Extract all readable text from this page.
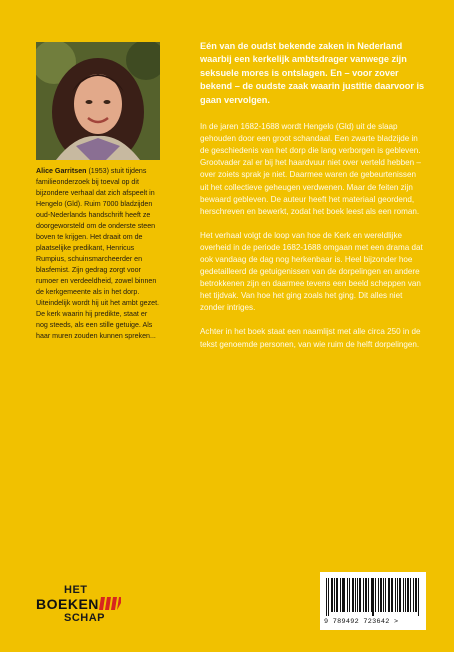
Alice Garritsen (1953) stuit tijdens familieonderzoek bij toeval op dit bijzondere verhaal dat zich afspeelt in Hengelo (Gld). Ruim 7000 bladzijden oud-Nederlands handschrift heeft ze doorgeworsteld om de onderste steen boven te krijgen. Het draait om de plaatselijke predikant, Henricus Rumpius, schuinsmarcheerder en blasfemist. Zijn gedrag zorgt voor rumoer en verdeeldheid, zowel binnen de kerkgemeente als in het dorp. Uiteindelijk wordt hij uit het ambt gezet. De kerk waarin hij predikte, staat er nog steeds, als een stille getuige. Als haar muren zouden kunnen spreken...

Eén van de oudst bekende zaken in Nederland waarbij een kerkelijk ambtsdrager vanwege zijn seksuele mores is ontslagen. En – voor zover bekend – de oudste zaak waarin justitie daarvoor is gaan vervolgen.

In de jaren 1682-1688 wordt Hengelo (Gld) uit de slaap gehouden door een groot schandaal. Een zwarte bladzijde in de geschiedenis van het dorp die lang verborgen is gebleven. Grootvader zal er bij het haardvuur niet over verteld hebben – over zoiets sprak je niet. Daarmee waren de gebeurtenissen uit het collectieve geheugen verdwenen. Maar de feiten zijn bewaard gebleven. De auteur heeft het materiaal geordend, herschreven en bewerkt, zodat het boek leest als een roman.

Het verhaal volgt de loop van hoe de Kerk en wereldlijke overheid in de periode 1682-1688 omgaan met een drama dat ook vandaag de dag nog herkenbaar is. Heel bijzonder hoe gedetailleerd de getuigenissen van de dorpelingen en andere betrokkenen zijn en daarmee tevens een beeld scheppen van het tijdvak. Van hoe het ging zoals het ging. Dit alles niet zonder intriges.

Achter in het boek staat een naamlijst met alle circa 250 in de tekst genoemde personen, van wie ruim de helft dorpelingen.

HET
BOEKEN
SCHAP	9 789492 723642 >
